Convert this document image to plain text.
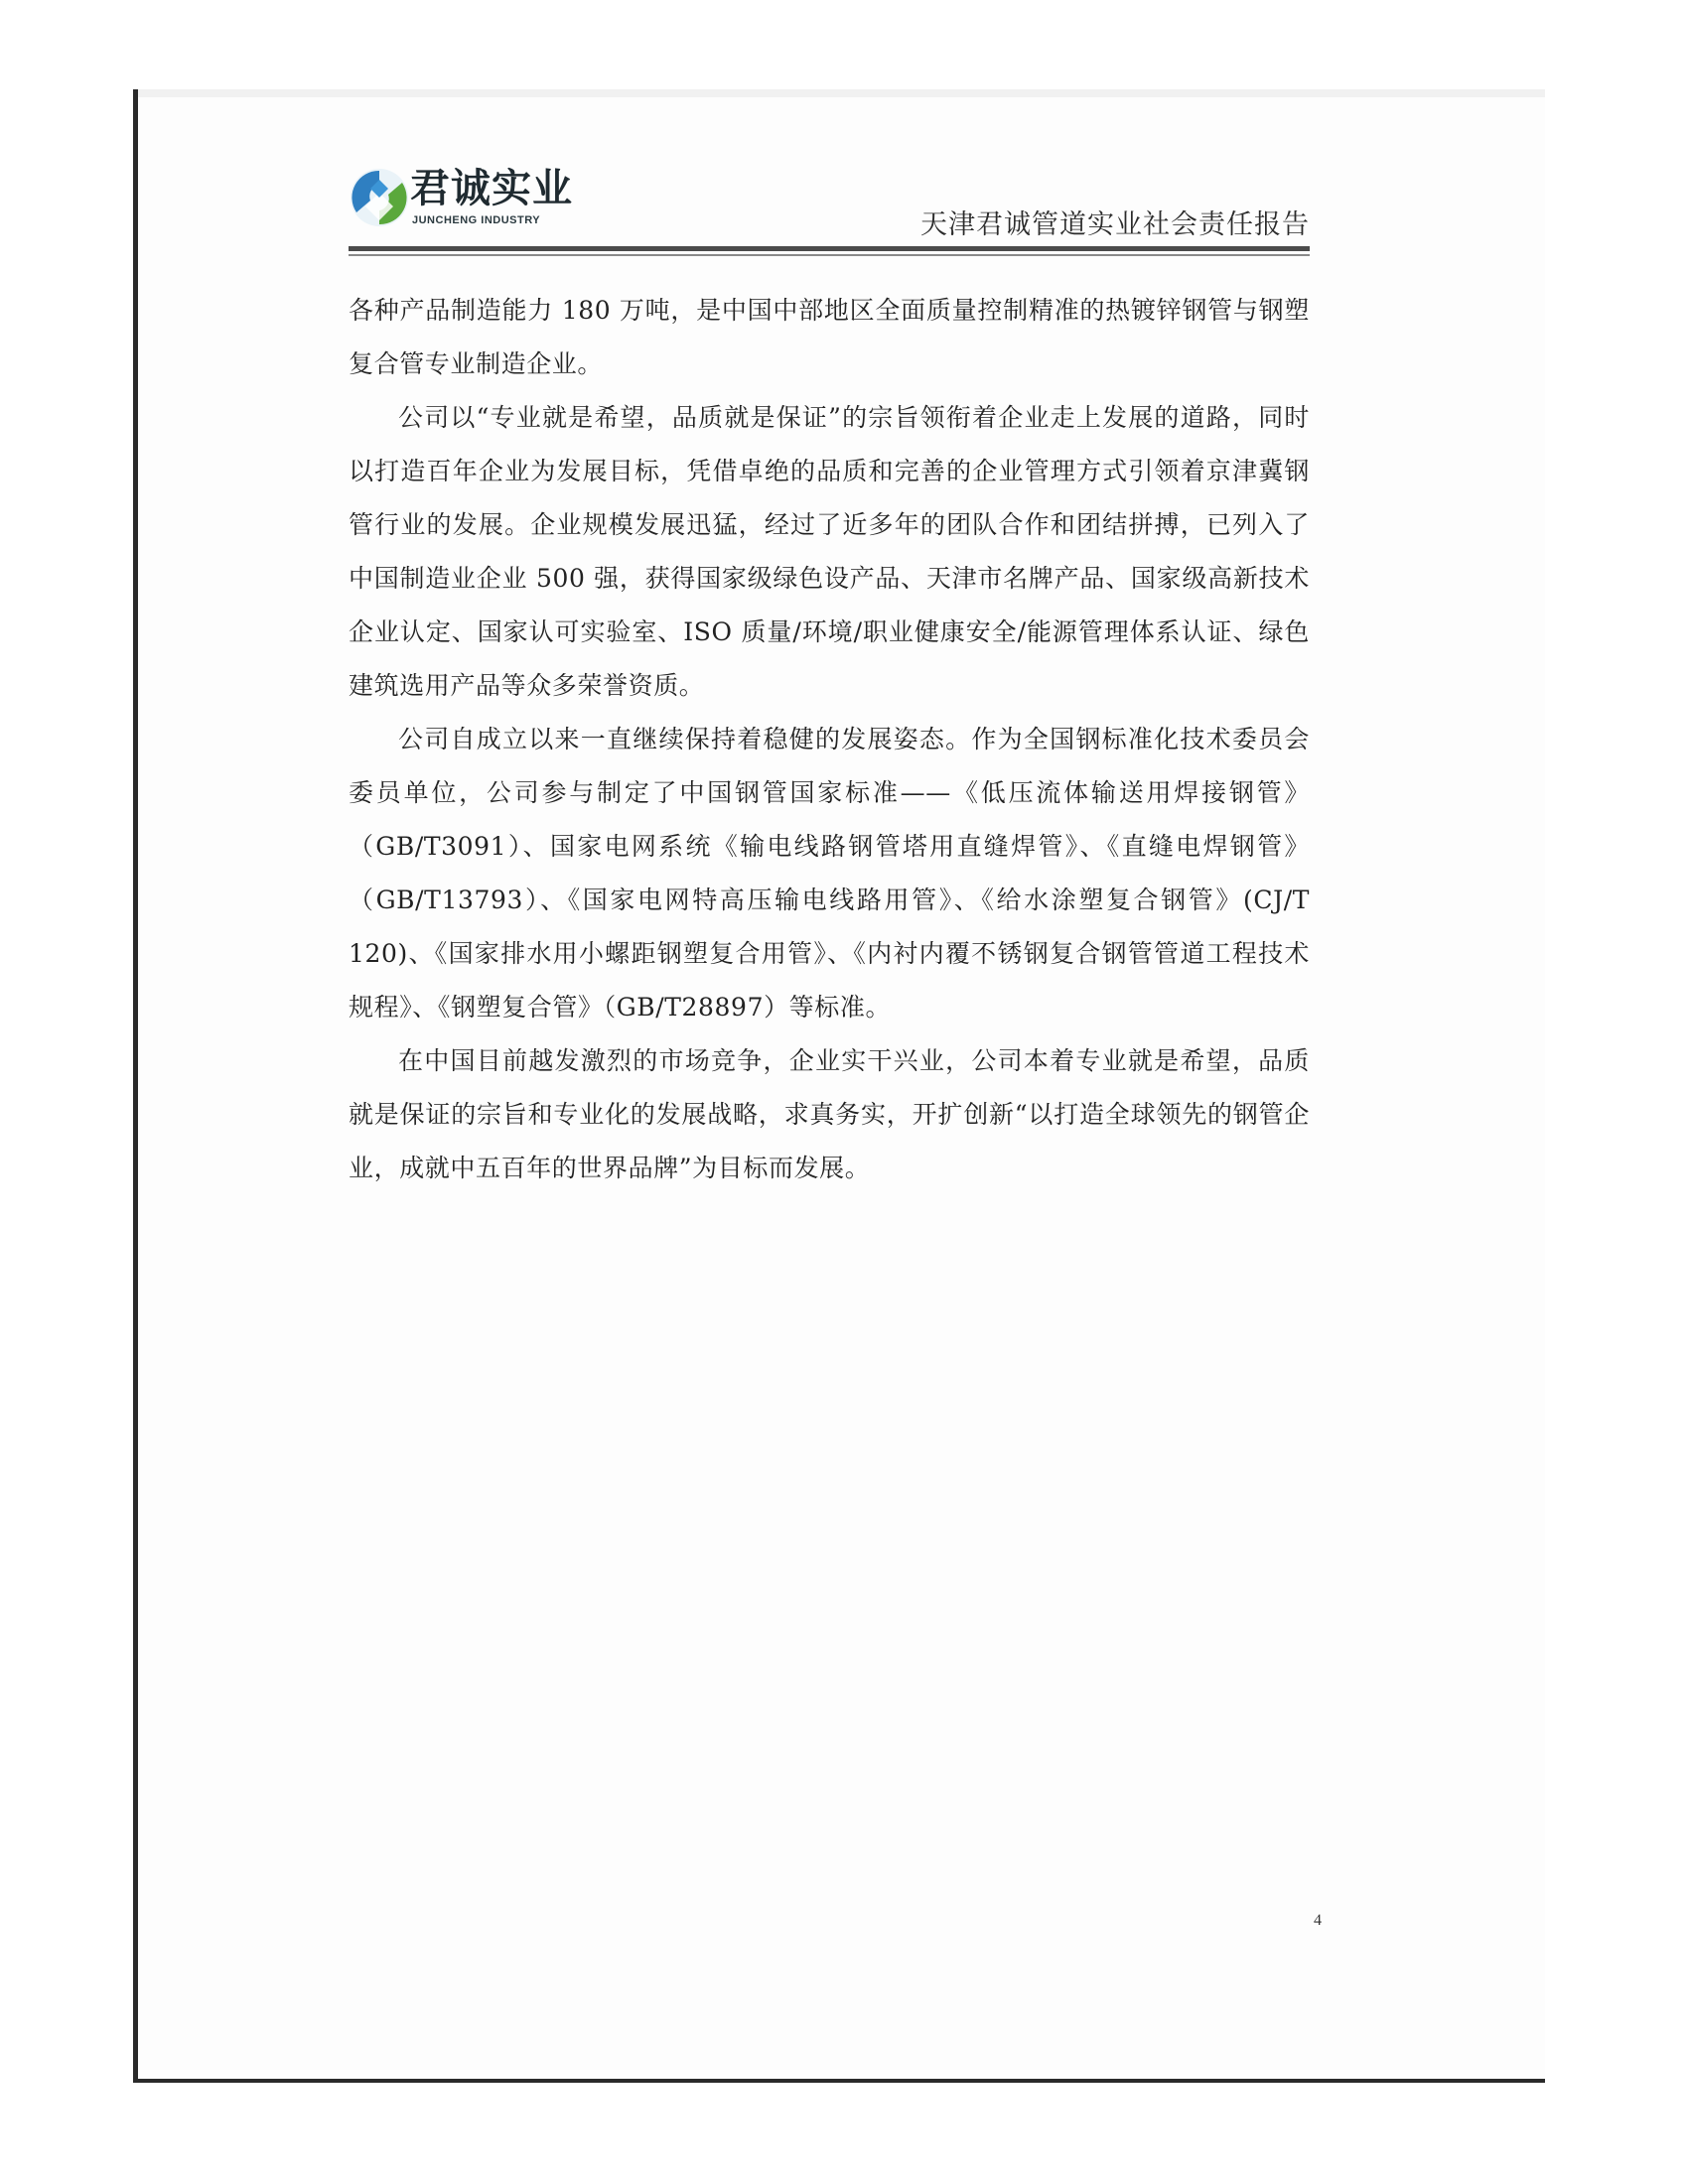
君诚实业
JUNCHENG INDUSTRY	天津君诚管道实业社会责任报告

各种产品制造能力 180 万吨，是中国中部地区全面质量控制精准的热镀锌钢管与钢塑复合管专业制造企业。

公司以“专业就是希望，品质就是保证”的宗旨领衔着企业走上发展的道路，同时以打造百年企业为发展目标，凭借卓绝的品质和完善的企业管理方式引领着京津冀钢管行业的发展。企业规模发展迅猛，经过了近多年的团队合作和团结拼搏，已列入了中国制造业企业 500 强，获得国家级绿色设产品、天津市名牌产品、国家级高新技术企业认定、国家认可实验室、ISO 质量/环境/职业健康安全/能源管理体系认证、绿色建筑选用产品等众多荣誉资质。

公司自成立以来一直继续保持着稳健的发展姿态。作为全国钢标准化技术委员会委员单位，公司参与制定了中国钢管国家标准——《低压流体输送用焊接钢管》（GB/T3091）、国家电网系统《输电线路钢管塔用直缝焊管》、《直缝电焊钢管》（GB/T13793）、《国家电网特高压输电线路用管》、《给水涂塑复合钢管》(CJ/T 120)、《国家排水用小螺距钢塑复合用管》、《内衬内覆不锈钢复合钢管管道工程技术规程》、《钢塑复合管》（GB/T28897）等标准。

在中国目前越发激烈的市场竞争，企业实干兴业，公司本着专业就是希望，品质就是保证的宗旨和专业化的发展战略，求真务实，开扩创新“以打造全球领先的钢管企业，成就中五百年的世界品牌”为目标而发展。

4
